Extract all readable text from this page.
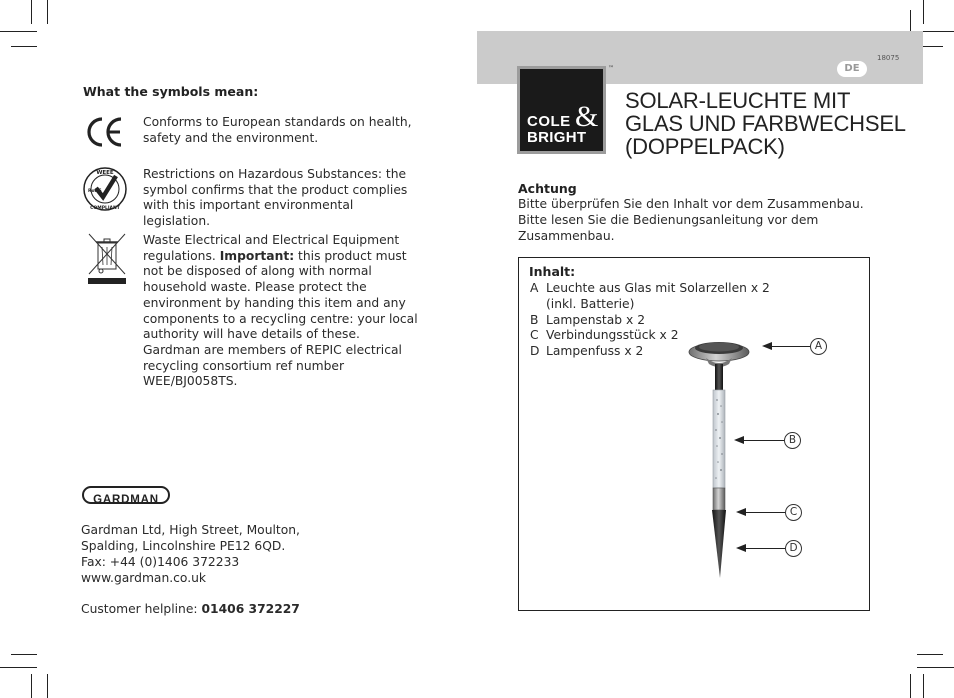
What the symbols mean:
Conforms to European standards on health, safety and the environment.
WEEE
COMPLIANT
RoHS
Restrictions on Hazardous Substances: the symbol confirms that the product complies with this important environmental legislation.
Waste Electrical and Electrical Equipment regulations. Important: this product must not be disposed of along with normal household waste. Please protect the environment by handing this item and any components to a recycling centre: your local authority will have details of these. Gardman are members of REPIC electrical recycling consortium ref number WEE/BJ0058TS.
GARDMAN
Gardman Ltd, High Street, Moulton,
Spalding, Lincolnshire PE12 6QD.
Fax: +44 (0)1406 372233
www.gardman.co.uk
Customer helpline: 01406 372227
18075
DE
COLE &
BRIGHT
™
SOLAR-LEUCHTE MIT
GLAS UND FARBWECHSEL
(DOPPELPACK)
Achtung
Bitte überprüfen Sie den Inhalt vor dem Zusammenbau. Bitte lesen Sie die Bedienungsanleitung vor dem Zusammenbau.
Inhalt:
A Leuchte aus Glas mit Solarzellen x 2
(inkl. Batterie)
B Lampenstab x 2
C Verbindungsstück x 2
D Lampenfuss x 2	A
B
C
D
